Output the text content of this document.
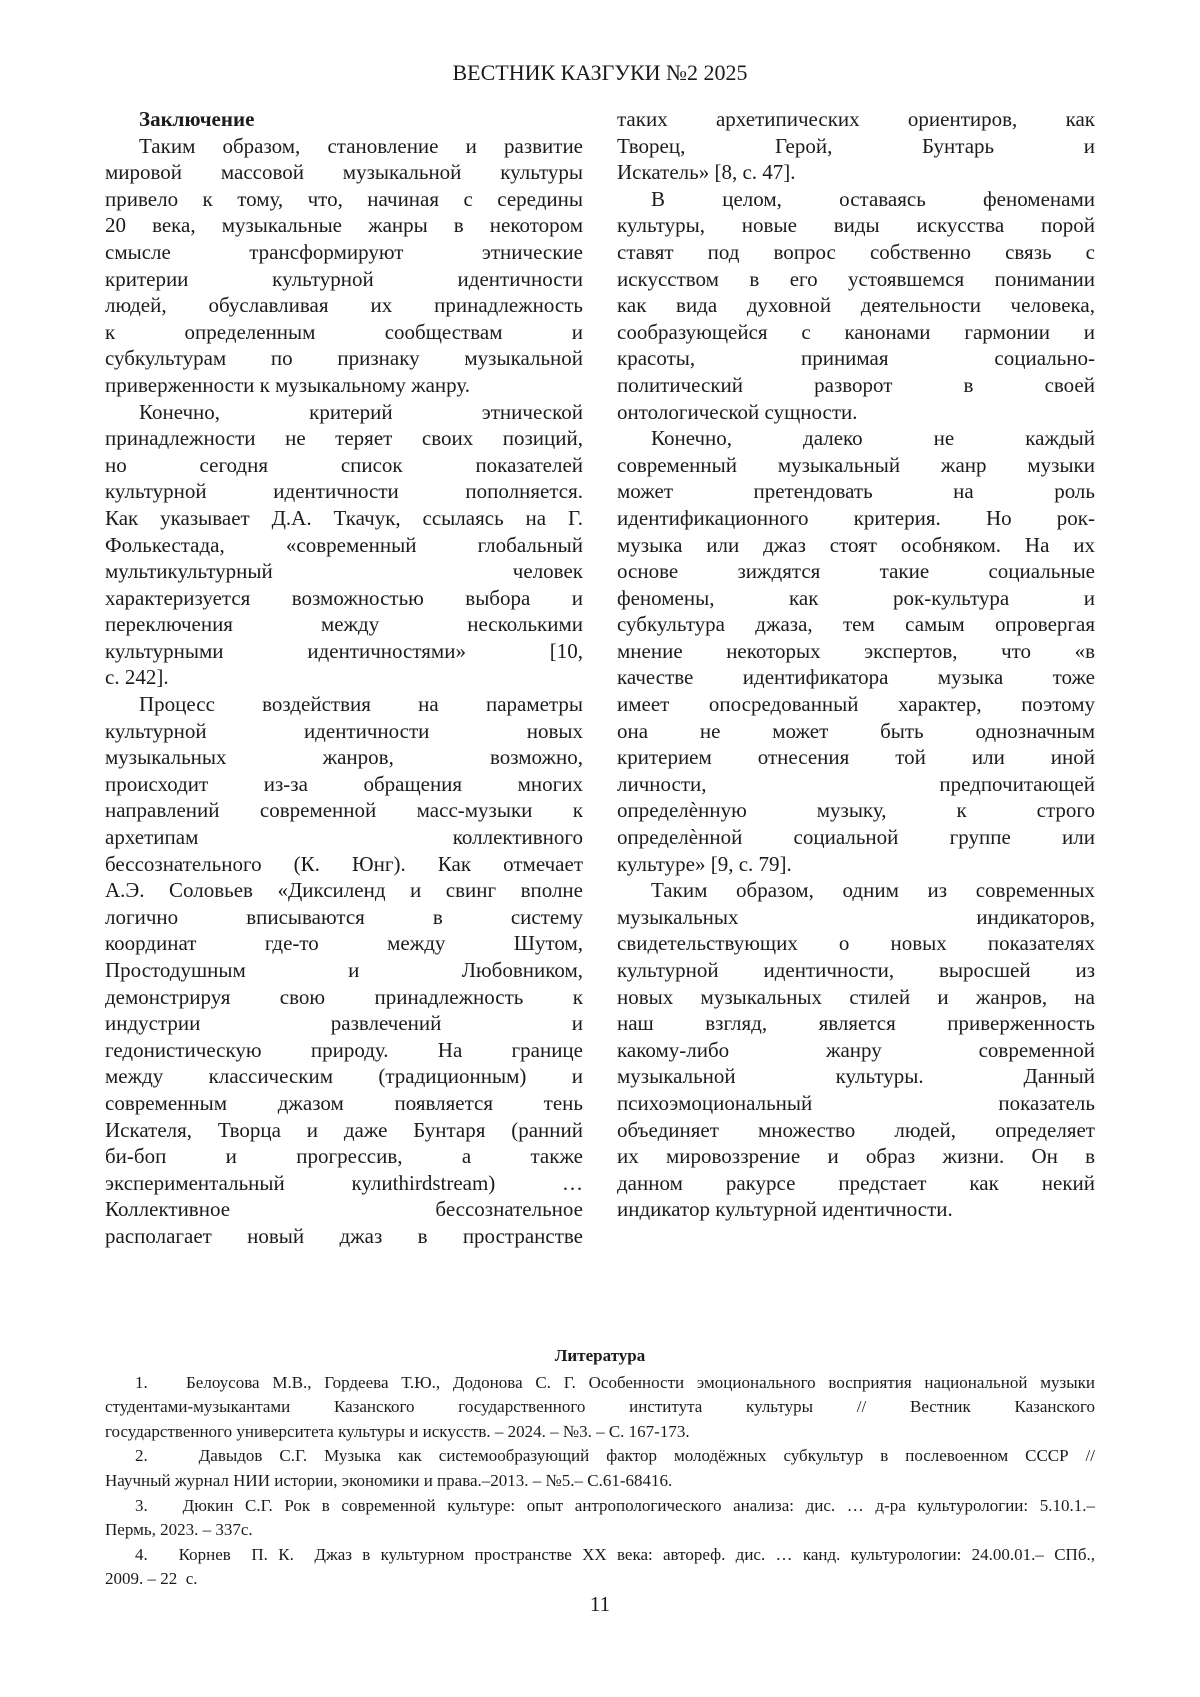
ВЕСТНИК КАЗГУКИ №2 2025
Заключение
Таким образом, становление и развитие
мировой массовой музыкальной культуры
привело к тому, что, начиная с середины
20 века, музыкальные жанры в некотором
смысле трансформируют этнические
критерии культурной идентичности
людей, обуславливая их принадлежность
к определенным сообществам и
субкультурам по признаку музыкальной
приверженности к музыкальному жанру.
Конечно, критерий этнической
принадлежности не теряет своих позиций,
но сегодня список показателей
культурной идентичности пополняется.
Как указывает Д.А. Ткачук, ссылаясь на Г.
Фолькестада, «современный глобальный
мультикультурный человек
характеризуется возможностью выбора и
переключения между несколькими
культурными идентичностями» [10,
с. 242].
Процесс воздействия на параметры
культурной идентичности новых
музыкальных жанров, возможно,
происходит из-за обращения многих
направлений современной масс-музыки к
архетипам коллективного
бессознательного (К. Юнг). Как отмечает
А.Э. Соловьев «Диксиленд и свинг вполне
логично вписываются в систему
координат где-то между Шутом,
Простодушным и Любовником,
демонстрируя свою принадлежность к
индустрии развлечений и
гедонистическую природу. На границе
между классическим (традиционным) и
современным джазом появляется тень
Искателя, Творца и даже Бунтаря (ранний
би-боп и прогрессив, а также
экспериментальный кулиthirdstream) …
Коллективное бессознательное
располагает новый джаз в пространстве
таких архетипических ориентиров, как
Творец, Герой, Бунтарь и
Искатель» [8, с. 47].
В целом, оставаясь феноменами
культуры, новые виды искусства порой
ставят под вопрос собственно связь с
искусством в его устоявшемся понимании
как вида духовной деятельности человека,
сообразующейся с канонами гармонии и
красоты, принимая социально-
политический разворот в своей
онтологической сущности.
Конечно, далеко не каждый
современный музыкальный жанр музыки
может претендовать на роль
идентификационного критерия. Но рок-
музыка или джаз стоят особняком. На их
основе зиждятся такие социальные
феномены, как рок-культура и
субкультура джаза, тем самым опровергая
мнение некоторых экспертов, что «в
качестве идентификатора музыка тоже
имеет опосредованный характер, поэтому
она не может быть однозначным
критерием отнесения той или иной
личности, предпочитающей
определѐнную музыку, к строго
определѐнной социальной группе или
культуре» [9, с. 79].
Таким образом, одним из современных
музыкальных индикаторов,
свидетельствующих о новых показателях
культурной идентичности, выросшей из
новых музыкальных стилей и жанров, на
наш взгляд, является приверженность
какому-либо жанру современной
музыкальной культуры. Данный
психоэмоциональный показатель
объединяет множество людей, определяет
их мировоззрение и образ жизни. Он в
данном ракурсе предстает как некий
индикатор культурной идентичности.
Литература
1.   Белоусова М.В., Гордеева Т.Ю., Додонова С. Г. Особенности эмоционального восприятия национальной музыки
студентами-музыкантами Казанского государственного института культуры // Вестник Казанского
государственного университета культуры и искусств. – 2024. – №3. – С. 167-173.
2.   Давыдов С.Г. Музыка как системообразующий фактор молодёжных субкультур в послевоенном СССР //
Научный журнал НИИ истории, экономики и права.–2013. – №5.– С.61-68416.
3.   Дюкин С.Г. Рок в современной культуре: опыт антропологического анализа: дис. … д-ра культурологии: 5.10.1.–
Пермь, 2023. – 337с.
4.   Корнев  П. К.  Джаз в культурном пространстве XX века: автореф. дис. … канд. культурологии: 24.00.01.– СПб.,
2009. – 22  с.
11
